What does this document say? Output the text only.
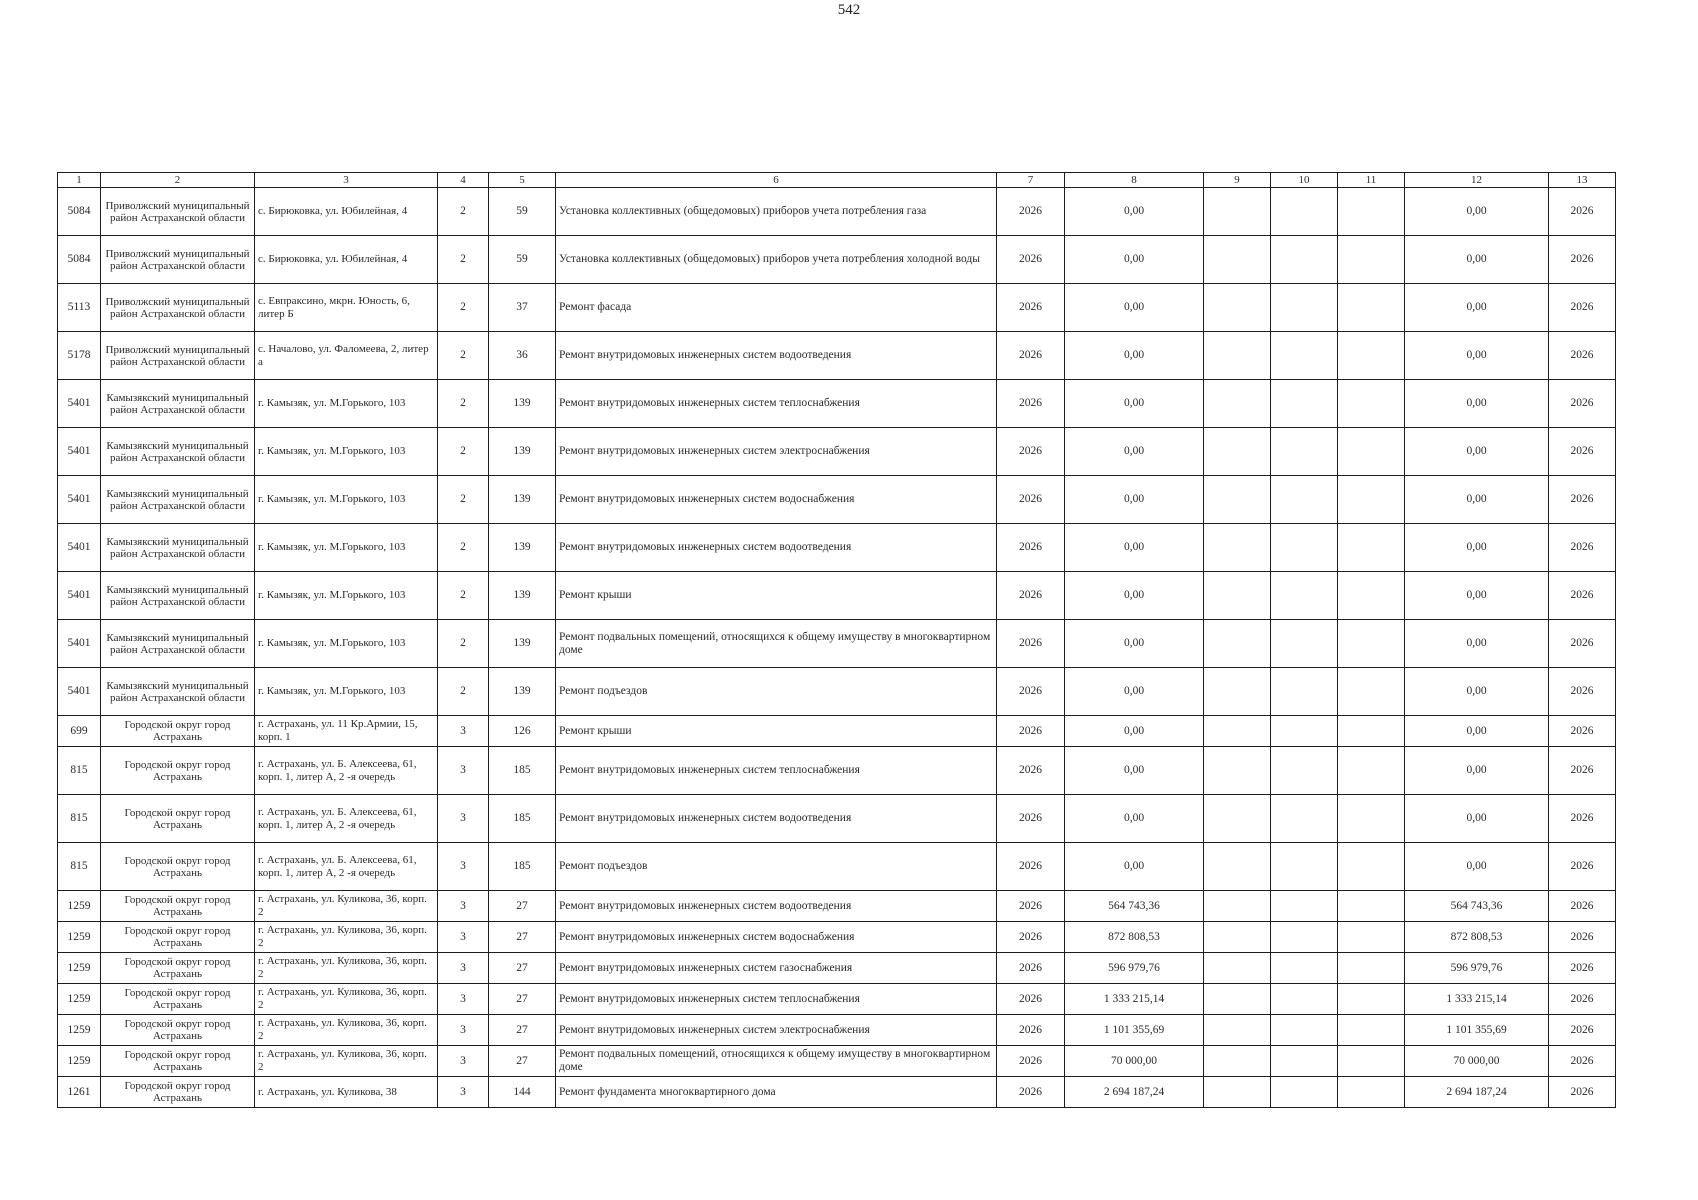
542
1	2	3	4	5	6	7	8	9	10	11	12	13
5084	Приволжский муниципальный район Астраханской области	с. Бирюковка, ул. Юбилейная, 4	2	59	Установка коллективных (общедомовых) приборов учета потребления газа	2026	0,00				0,00	2026
5084	Приволжский муниципальный район Астраханской области	с. Бирюковка, ул. Юбилейная, 4	2	59	Установка коллективных (общедомовых) приборов учета потребления холодной воды	2026	0,00				0,00	2026
5113	Приволжский муниципальный район Астраханской области	с. Евпраксино, мкрн. Юность, 6, литер Б	2	37	Ремонт фасада	2026	0,00				0,00	2026
5178	Приволжский муниципальный район Астраханской области	с. Началово, ул. Фаломеева, 2, литер а	2	36	Ремонт внутридомовых инженерных систем водоотведения	2026	0,00				0,00	2026
5401	Камызякский муниципальный район Астраханской области	г. Камызяк, ул. М.Горького, 103	2	139	Ремонт внутридомовых инженерных систем теплоснабжения	2026	0,00				0,00	2026
5401	Камызякский муниципальный район Астраханской области	г. Камызяк, ул. М.Горького, 103	2	139	Ремонт внутридомовых инженерных систем электроснабжения	2026	0,00				0,00	2026
5401	Камызякский муниципальный район Астраханской области	г. Камызяк, ул. М.Горького, 103	2	139	Ремонт внутридомовых инженерных систем водоснабжения	2026	0,00				0,00	2026
5401	Камызякский муниципальный район Астраханской области	г. Камызяк, ул. М.Горького, 103	2	139	Ремонт внутридомовых инженерных систем водоотведения	2026	0,00				0,00	2026
5401	Камызякский муниципальный район Астраханской области	г. Камызяк, ул. М.Горького, 103	2	139	Ремонт крыши	2026	0,00				0,00	2026
5401	Камызякский муниципальный район Астраханской области	г. Камызяк, ул. М.Горького, 103	2	139	Ремонт подвальных помещений, относящихся к общему имуществу в многоквартирном доме	2026	0,00				0,00	2026
5401	Камызякский муниципальный район Астраханской области	г. Камызяк, ул. М.Горького, 103	2	139	Ремонт подъездов	2026	0,00				0,00	2026
699	Городской округ город Астрахань	г. Астрахань, ул. 11 Кр.Армии, 15, корп. 1	3	126	Ремонт крыши	2026	0,00				0,00	2026
815	Городской округ город Астрахань	г. Астрахань, ул. Б. Алексеева, 61, корп. 1, литер А, 2 -я очередь	3	185	Ремонт внутридомовых инженерных систем теплоснабжения	2026	0,00				0,00	2026
815	Городской округ город Астрахань	г. Астрахань, ул. Б. Алексеева, 61, корп. 1, литер А, 2 -я очередь	3	185	Ремонт внутридомовых инженерных систем водоотведения	2026	0,00				0,00	2026
815	Городской округ город Астрахань	г. Астрахань, ул. Б. Алексеева, 61, корп. 1, литер А, 2 -я очередь	3	185	Ремонт подъездов	2026	0,00				0,00	2026
1259	Городской округ город Астрахань	г. Астрахань, ул. Куликова, 36, корп. 2	3	27	Ремонт внутридомовых инженерных систем водоотведения	2026	564 743,36				564 743,36	2026
1259	Городской округ город Астрахань	г. Астрахань, ул. Куликова, 36, корп. 2	3	27	Ремонт внутридомовых инженерных систем водоснабжения	2026	872 808,53				872 808,53	2026
1259	Городской округ город Астрахань	г. Астрахань, ул. Куликова, 36, корп. 2	3	27	Ремонт внутридомовых инженерных систем газоснабжения	2026	596 979,76				596 979,76	2026
1259	Городской округ город Астрахань	г. Астрахань, ул. Куликова, 36, корп. 2	3	27	Ремонт внутридомовых инженерных систем теплоснабжения	2026	1 333 215,14				1 333 215,14	2026
1259	Городской округ город Астрахань	г. Астрахань, ул. Куликова, 36, корп. 2	3	27	Ремонт внутридомовых инженерных систем электроснабжения	2026	1 101 355,69				1 101 355,69	2026
1259	Городской округ город Астрахань	г. Астрахань, ул. Куликова, 36, корп. 2	3	27	Ремонт подвальных помещений, относящихся к общему имуществу в многоквартирном доме	2026	70 000,00				70 000,00	2026
1261	Городской округ город Астрахань	г. Астрахань, ул. Куликова, 38	3	144	Ремонт фундамента многоквартирного дома	2026	2 694 187,24				2 694 187,24	2026
